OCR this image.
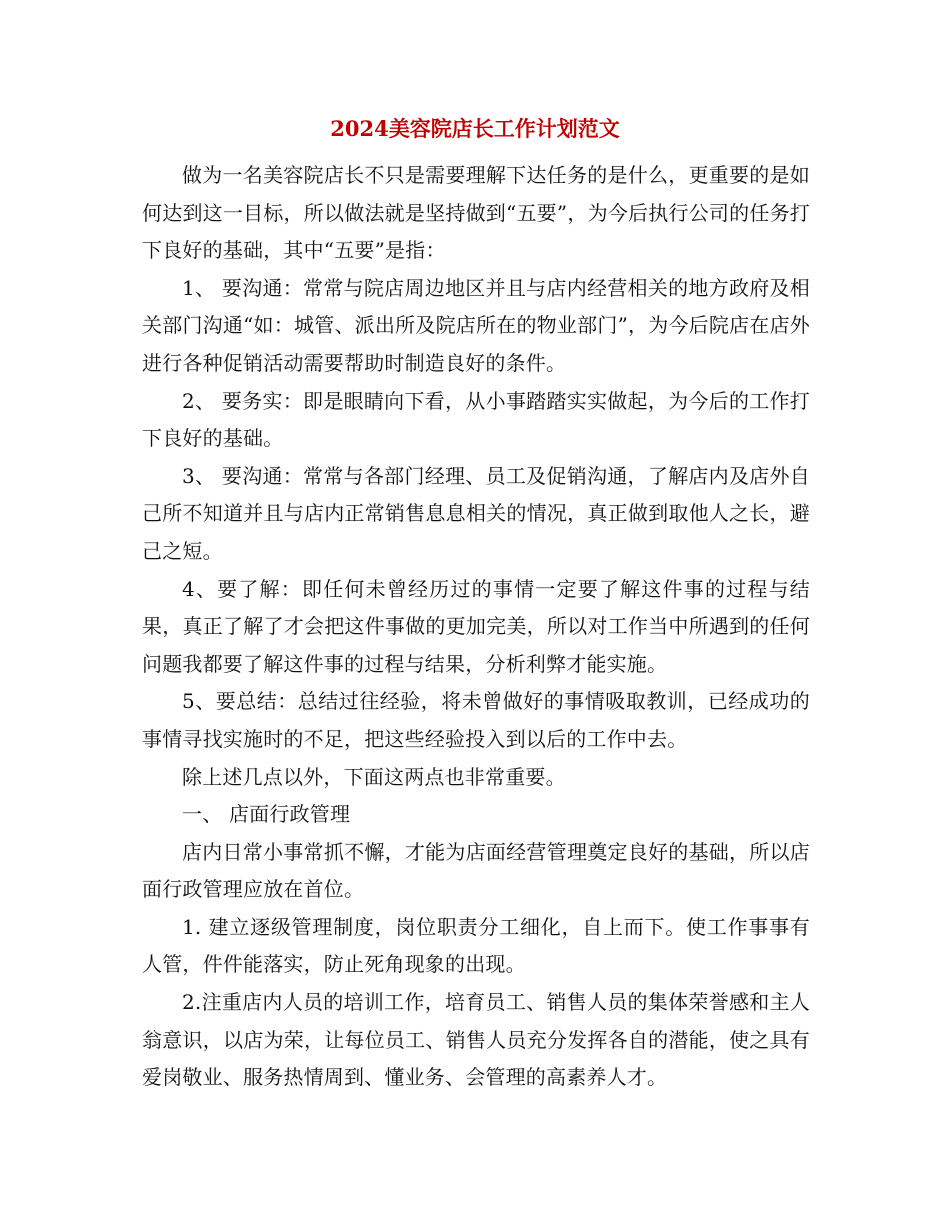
2024美容院店长工作计划范文

做为一名美容院店长不只是需要理解下达任务的是什么，更重要的是如何达到这一目标，所以做法就是坚持做到“五要”，为今后执行公司的任务打下良好的基础，其中“五要”是指：

1、 要沟通：常常与院店周边地区并且与店内经营相关的地方政府及相关部门沟通“如：城管、派出所及院店所在的物业部门”，为今后院店在店外进行各种促销活动需要帮助时制造良好的条件。

2、 要务实：即是眼睛向下看，从小事踏踏实实做起，为今后的工作打下良好的基础。

3、 要沟通：常常与各部门经理、员工及促销沟通，了解店内及店外自己所不知道并且与店内正常销售息息相关的情况，真正做到取他人之长，避己之短。

4、要了解：即任何未曾经历过的事情一定要了解这件事的过程与结果，真正了解了才会把这件事做的更加完美，所以对工作当中所遇到的任何问题我都要了解这件事的过程与结果，分析利弊才能实施。

5、要总结：总结过往经验，将未曾做好的事情吸取教训，已经成功的事情寻找实施时的不足，把这些经验投入到以后的工作中去。

除上述几点以外，下面这两点也非常重要。

一、 店面行政管理

店内日常小事常抓不懈，才能为店面经营管理奠定良好的基础，所以店面行政管理应放在首位。

1. 建立逐级管理制度，岗位职责分工细化，自上而下。使工作事事有人管，件件能落实，防止死角现象的出现。

2.注重店内人员的培训工作，培育员工、销售人员的集体荣誉感和主人翁意识，以店为荣，让每位员工、销售人员充分发挥各自的潜能，使之具有爱岗敬业、服务热情周到、懂业务、会管理的高素养人才。
